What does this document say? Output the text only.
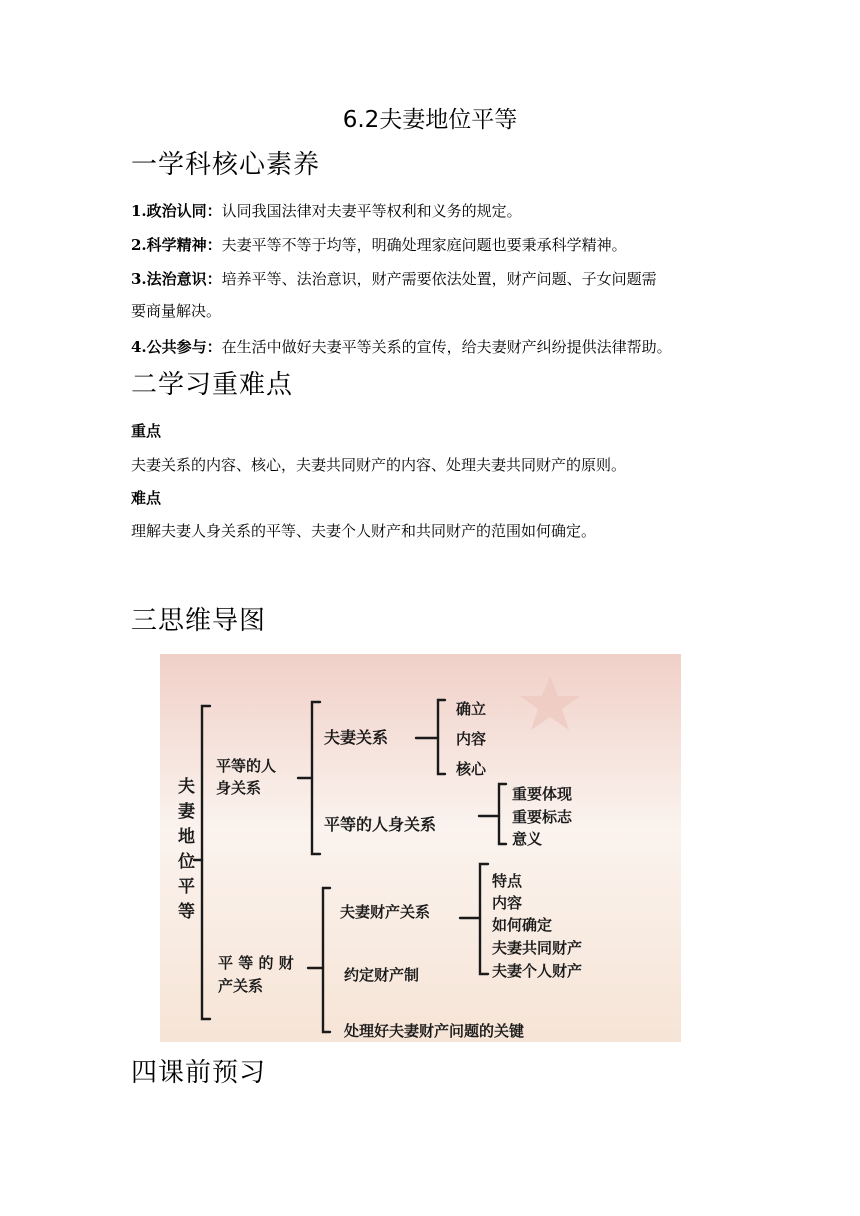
6.2夫妻地位平等
一学科核心素养
1.政治认同：认同我国法律对夫妻平等权利和义务的规定。
2.科学精神：夫妻平等不等于均等，明确处理家庭问题也要秉承科学精神。
3.法治意识：培养平等、法治意识，财产需要依法处置，财产问题、子女问题需
要商量解决。
4.公共参与：在生活中做好夫妻平等关系的宣传，给夫妻财产纠纷提供法律帮助。
二学习重难点
重点
夫妻关系的内容、核心，夫妻共同财产的内容、处理夫妻共同财产的原则。
难点
理解夫妻人身关系的平等、夫妻个人财产和共同财产的范围如何确定。
三思维导图
夫妻地位平等
平等的人
身关系
夫妻关系
确立
内容
核心
平等的人身关系
重要体现
重要标志
意义
平 等 的 财
产关系
夫妻财产关系
特点
内容
如何确定
夫妻共同财产
夫妻个人财产
约定财产制
处理好夫妻财产问题的关键
四课前预习
